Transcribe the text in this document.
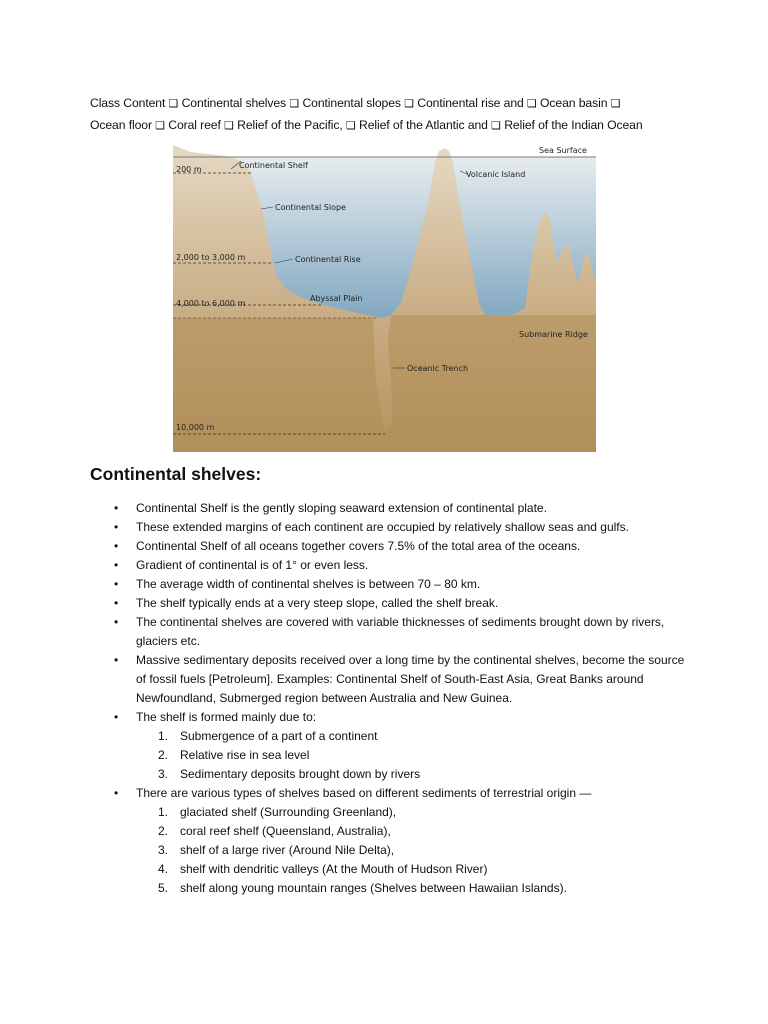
Class Content ❏ Continental shelves ❏ Continental slopes ❏ Continental rise and ❏ Ocean basin ❏
Ocean floor ❏ Coral reef ❏ Relief of the Pacific, ❏ Relief of the Atlantic and ❏ Relief of the Indian Ocean
Sea Surface
200 m	Continental Shelf
Continental Slope
2,000 to 3,000 m	Continental Rise
Abyssal Plain
4,000 to 6,000 m
Volcanic Island
Submarine Ridge
Oceanic Trench
10,000 m
Continental shelves:
• Continental Shelf is the gently sloping seaward extension of continental plate.
• These extended margins of each continent are occupied by relatively shallow seas and gulfs.
• Continental Shelf of all oceans together covers 7.5% of the total area of the oceans.
• Gradient of continental is of 1° or even less.
• The average width of continental shelves is between 70 – 80 km.
• The shelf typically ends at a very steep slope, called the shelf break.
• The continental shelves are covered with variable thicknesses of sediments brought down by rivers, glaciers etc.
• Massive sedimentary deposits received over a long time by the continental shelves, become the source of fossil fuels [Petroleum]. Examples: Continental Shelf of South-East Asia, Great Banks around Newfoundland, Submerged region between Australia and New Guinea.
• The shelf is formed mainly due to:
1. Submergence of a part of a continent
2. Relative rise in sea level
3. Sedimentary deposits brought down by rivers
• There are various types of shelves based on different sediments of terrestrial origin —
1. glaciated shelf (Surrounding Greenland),
2. coral reef shelf (Queensland, Australia),
3. shelf of a large river (Around Nile Delta),
4. shelf with dendritic valleys (At the Mouth of Hudson River)
5. shelf along young mountain ranges (Shelves between Hawaiian Islands).
